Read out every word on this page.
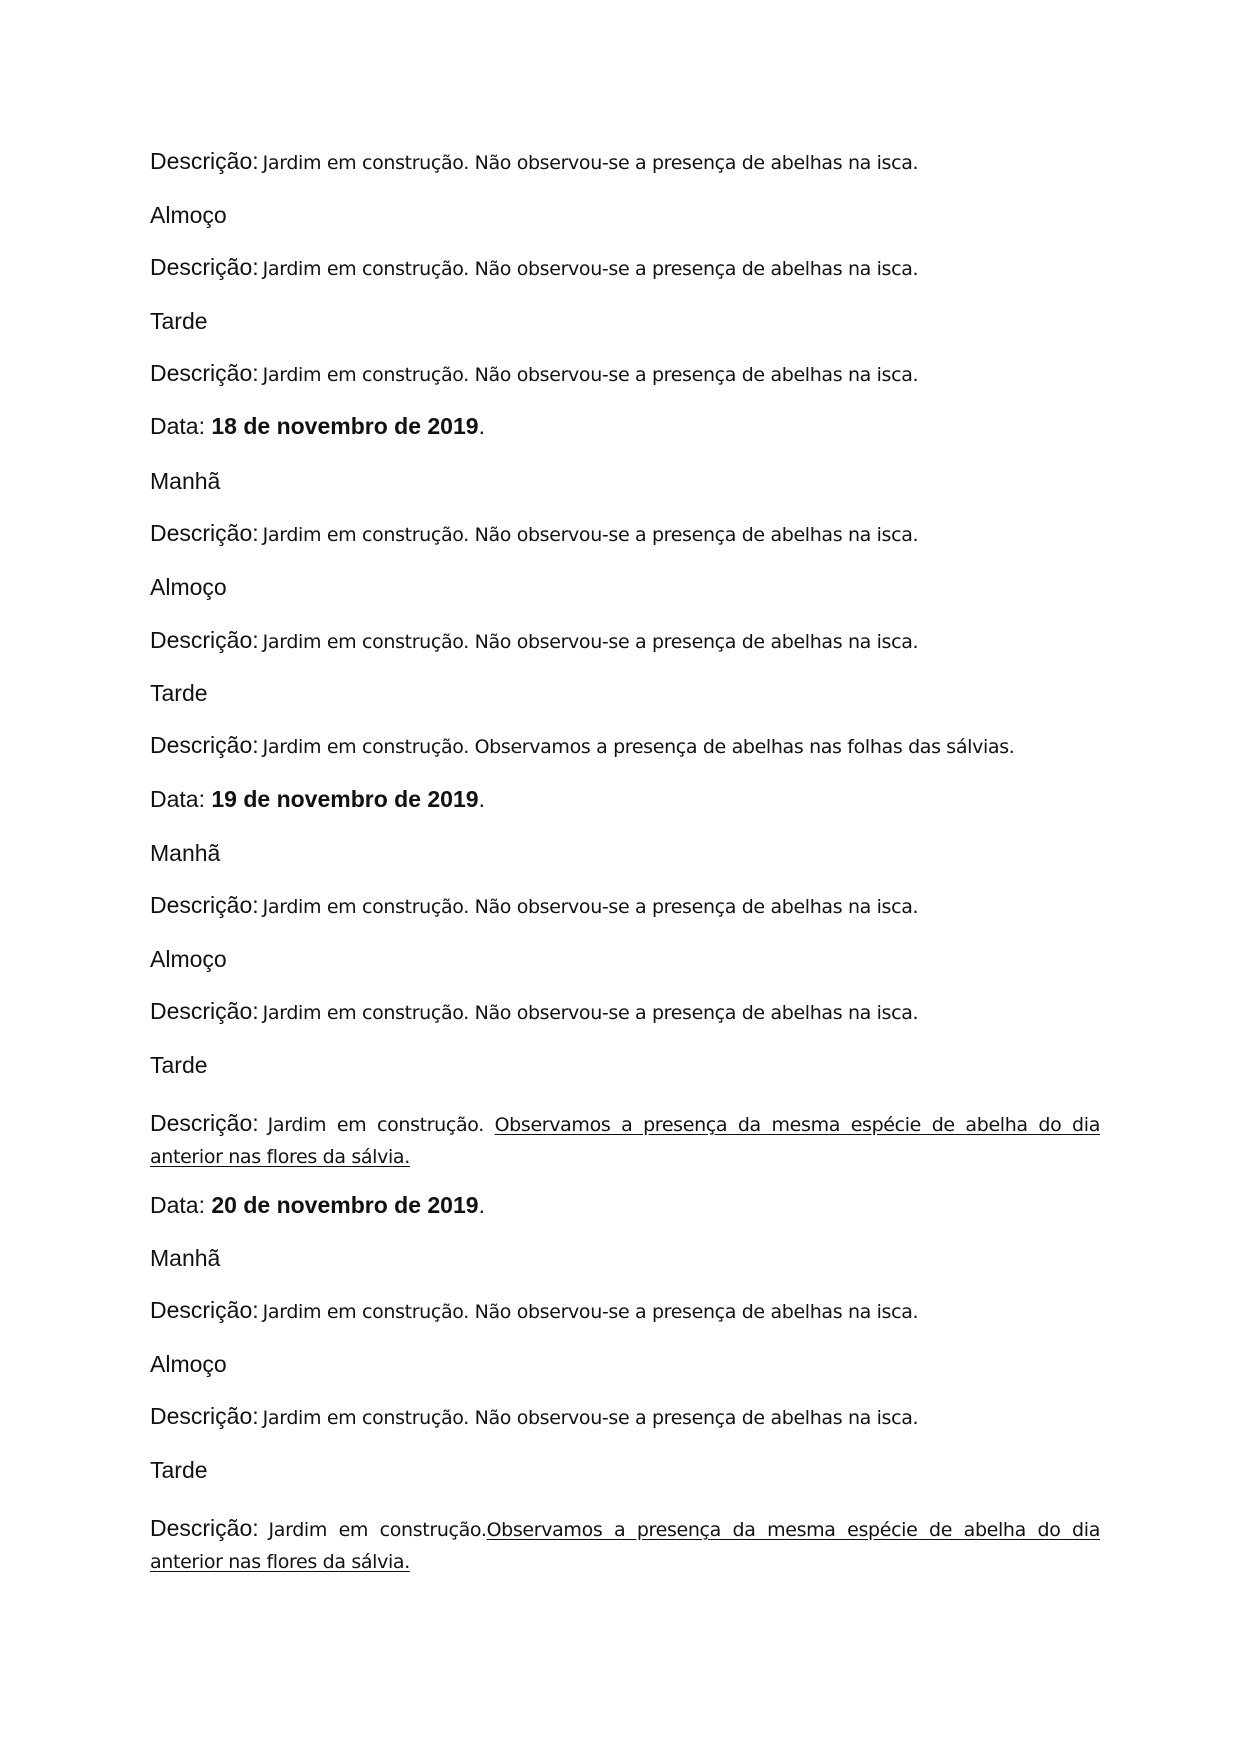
Descrição: Jardim em construção. Não observou-se a presença de abelhas na isca.
Almoço
Descrição: Jardim em construção. Não observou-se a presença de abelhas na isca.
Tarde
Descrição: Jardim em construção. Não observou-se a presença de abelhas na isca.
Data: 18 de novembro de 2019.
Manhã
Descrição: Jardim em construção. Não observou-se a presença de abelhas na isca.
Almoço
Descrição: Jardim em construção. Não observou-se a presença de abelhas na isca.
Tarde
Descrição: Jardim em construção. Observamos a presença de abelhas nas folhas das sálvias.
Data: 19 de novembro de 2019.
Manhã
Descrição: Jardim em construção. Não observou-se a presença de abelhas na isca.
Almoço
Descrição: Jardim em construção. Não observou-se a presença de abelhas na isca.
Tarde
Descrição: Jardim em construção. Observamos a presença da mesma espécie de abelha do dia anterior nas flores da sálvia.
Data: 20 de novembro de 2019.
Manhã
Descrição: Jardim em construção. Não observou-se a presença de abelhas na isca.
Almoço
Descrição: Jardim em construção. Não observou-se a presença de abelhas na isca.
Tarde
Descrição: Jardim em construção.Observamos a presença da mesma espécie de abelha do dia anterior nas flores da sálvia.
